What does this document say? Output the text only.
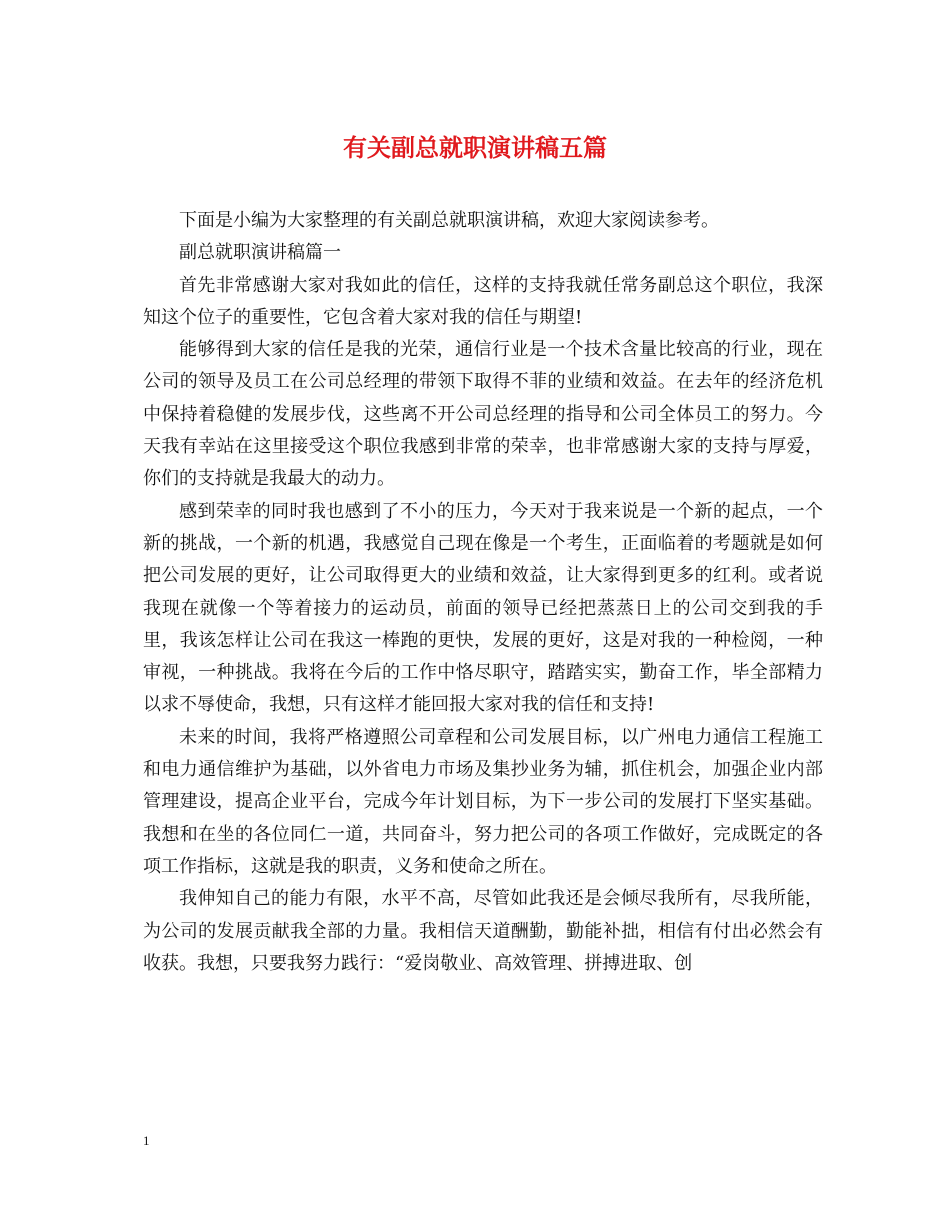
有关副总就职演讲稿五篇

下面是小编为大家整理的有关副总就职演讲稿，欢迎大家阅读参考。

副总就职演讲稿篇一

首先非常感谢大家对我如此的信任，这样的支持我就任常务副总这个职位，我深知这个位子的重要性，它包含着大家对我的信任与期望!

能够得到大家的信任是我的光荣，通信行业是一个技术含量比较高的行业，现在公司的领导及员工在公司总经理的带领下取得不菲的业绩和效益。在去年的经济危机中保持着稳健的发展步伐，这些离不开公司总经理的指导和公司全体员工的努力。今天我有幸站在这里接受这个职位我感到非常的荣幸，也非常感谢大家的支持与厚爱，你们的支持就是我最大的动力。

感到荣幸的同时我也感到了不小的压力，今天对于我来说是一个新的起点，一个新的挑战，一个新的机遇，我感觉自己现在像是一个考生，正面临着的考题就是如何把公司发展的更好，让公司取得更大的业绩和效益，让大家得到更多的红利。或者说我现在就像一个等着接力的运动员，前面的领导已经把蒸蒸日上的公司交到我的手里，我该怎样让公司在我这一棒跑的更快，发展的更好，这是对我的一种检阅，一种审视，一种挑战。我将在今后的工作中恪尽职守，踏踏实实，勤奋工作，毕全部精力以求不辱使命，我想，只有这样才能回报大家对我的信任和支持!

未来的时间，我将严格遵照公司章程和公司发展目标，以广州电力通信工程施工和电力通信维护为基础，以外省电力市场及集抄业务为辅，抓住机会，加强企业内部管理建设，提高企业平台，完成今年计划目标，为下一步公司的发展打下坚实基础。我想和在坐的各位同仁一道，共同奋斗，努力把公司的各项工作做好，完成既定的各项工作指标，这就是我的职责，义务和使命之所在。

我伸知自己的能力有限，水平不高，尽管如此我还是会倾尽我所有，尽我所能，为公司的发展贡献我全部的力量。我相信天道酬勤，勤能补拙，相信有付出必然会有收获。我想，只要我努力践行：“爱岗敬业、高效管理、拼搏进取、创

1
